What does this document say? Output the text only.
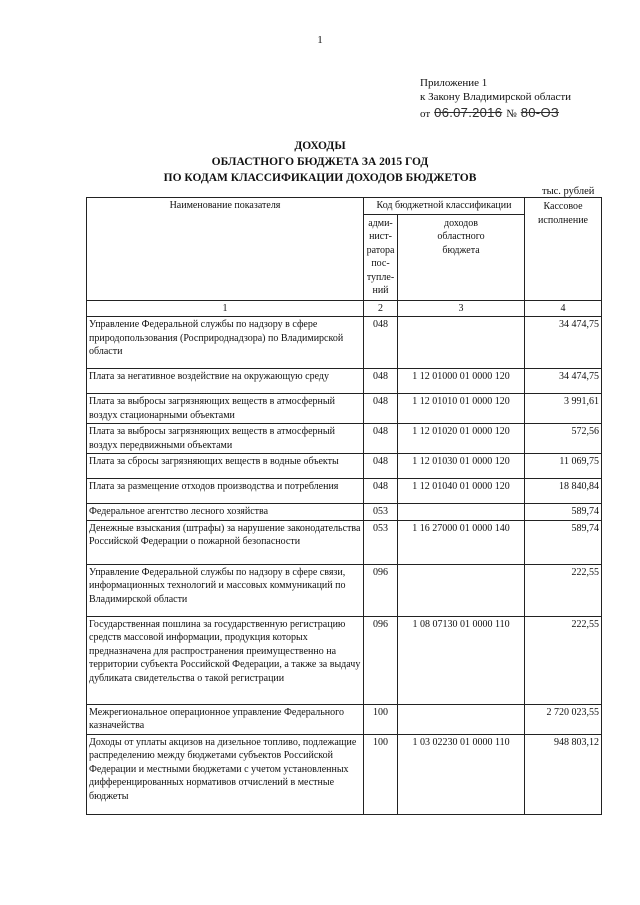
1
Приложение 1
к Закону Владимирской области
от 06.07.2016 № 80-ОЗ
ДОХОДЫ
ОБЛАСТНОГО БЮДЖЕТА ЗА 2015 ГОД
ПО КОДАМ КЛАССИФИКАЦИИ ДОХОДОВ БЮДЖЕТОВ
тыс. рублей
Наименование показателя	Код бюджетной классификации		Кассовое исполнение
	адми-нист-ратора пос-тупле-ний	доходов областного бюджета	
1	2	3	4
Управление Федеральной службы по надзору в сфере природопользования (Росприроднадзора) по Владимирской области	048		34 474,75
Плата за негативное воздействие на окружающую среду	048	1 12 01000 01 0000 120	34 474,75
Плата за выбросы загрязняющих веществ в атмосферный воздух стационарными объектами	048	1 12 01010 01 0000 120	3 991,61
Плата за выбросы загрязняющих веществ в атмосферный воздух передвижными объектами	048	1 12 01020 01 0000 120	572,56
Плата за сбросы загрязняющих веществ в водные объекты	048	1 12 01030 01 0000 120	11 069,75
Плата за размещение отходов производства и потребления	048	1 12 01040 01 0000 120	18 840,84
Федеральное агентство лесного хозяйства	053		589,74
Денежные взыскания (штрафы) за нарушение законодательства Российской Федерации о пожарной безопасности	053	1 16 27000 01 0000 140	589,74
Управление Федеральной службы по надзору в сфере связи, информационных технологий и массовых коммуникаций по Владимирской области	096		222,55
Государственная пошлина за государственную регистрацию средств массовой информации, продукция которых предназначена для распространения преимущественно на территории субъекта Российской Федерации, а также за выдачу дубликата свидетельства о такой регистрации	096	1 08 07130 01 0000 110	222,55
Межрегиональное операционное управление Федерального казначейства	100		2 720 023,55
Доходы от уплаты акцизов на дизельное топливо, подлежащие распределению между бюджетами субъектов Российской Федерации и местными бюджетами с учетом установленных дифференцированных нормативов отчислений в местные бюджеты	100	1 03 02230 01 0000 110	948 803,12
